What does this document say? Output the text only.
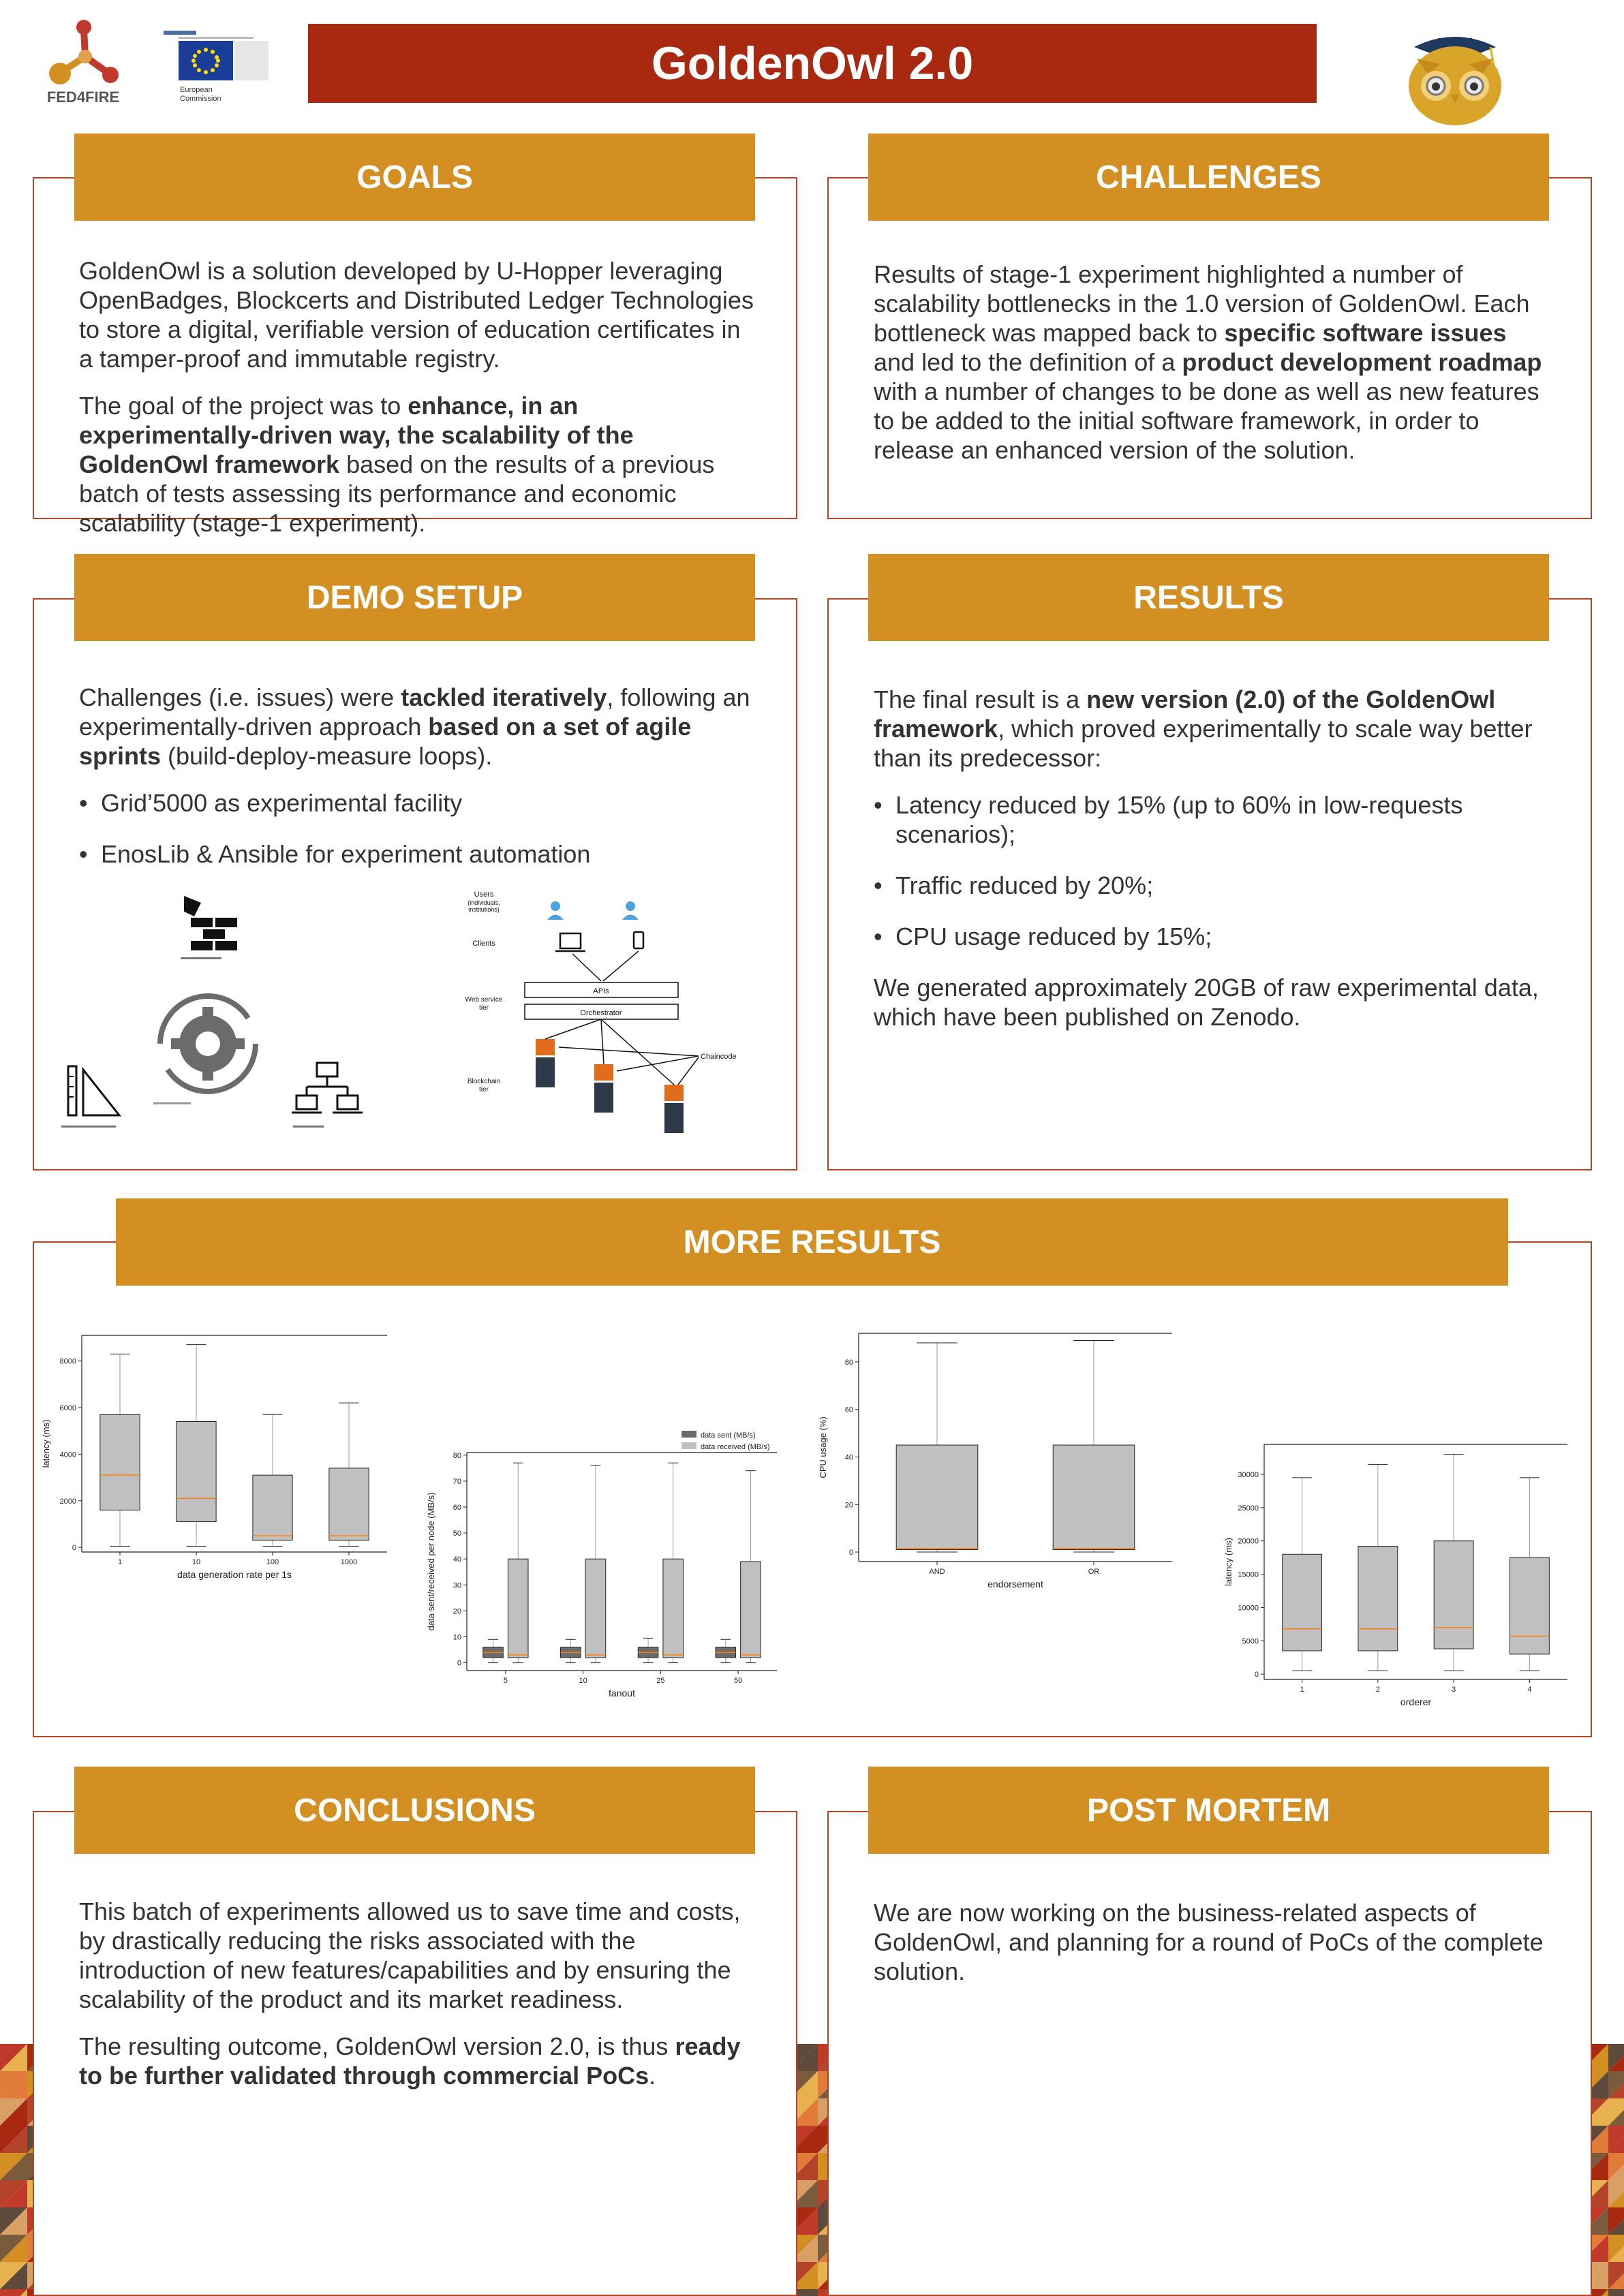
FED4FIRE	European
Commission
GoldenOwl 2.0
GOALS

GoldenOwl is a solution developed by U-Hopper leveraging OpenBadges, Blockcerts and Distributed Ledger Technologies to store a digital, verifiable version of education certificates in a tamper-proof and immutable registry.

The goal of the project was to enhance, in an experimentally-driven way, the scalability of the GoldenOwl framework based on the results of a previous batch of tests assessing its performance and economic scalability (stage-1 experiment).

CHALLENGES

Results of stage-1 experiment highlighted a number of scalability bottlenecks in the 1.0 version of GoldenOwl. Each bottleneck was mapped back to specific software issues and led to the definition of a product development roadmap with a number of changes to be done as well as new features to be added to the initial software framework, in order to release an enhanced version of the solution.

DEMO SETUP

Challenges (i.e. issues) were tackled iteratively, following an experimentally-driven approach based on a set of agile sprints (build-deploy-measure loops).

• Grid’5000 as experimental facility
• EnosLib & Ansible for experiment automation
Users
(individuals,
institutions)
Clients
Web service
tier
Blockchain
tier
APIs
Orchestrator
Chaincode
RESULTS

The final result is a new version (2.0) of the GoldenOwl framework, which proved experimentally to scale way better than its predecessor:

• Latency reduced by 15% (up to 60% in low-requests scenarios);
• Traffic reduced by 20%;
• CPU usage reduced by 15%;

We generated approximately 20GB of raw experimental data, which have been published on Zenodo.

MORE RESULTS
0
2000
4000
6000
8000
1	10	100	1000
data generation rate per 1s
latency (ms)
0
10
20
30
40
50
60
70
80
5	10	25	50
fanout
data sent/received per node (MB/s)
data sent (MB/s)
data received (MB/s)
0
20
40
60
80
AND	OR
endorsement
CPU usage (%)
0
5000
10000
15000
20000
25000
30000
1	2	3	4
orderer
latency (ms)
CONCLUSIONS

This batch of experiments allowed us to save time and costs, by drastically reducing the risks associated with the introduction of new features/capabilities and by ensuring the scalability of the product and its market readiness.

The resulting outcome, GoldenOwl version 2.0, is thus ready to be further validated through commercial PoCs.

POST MORTEM

We are now working on the business-related aspects of GoldenOwl, and planning for a round of PoCs of the complete solution.
